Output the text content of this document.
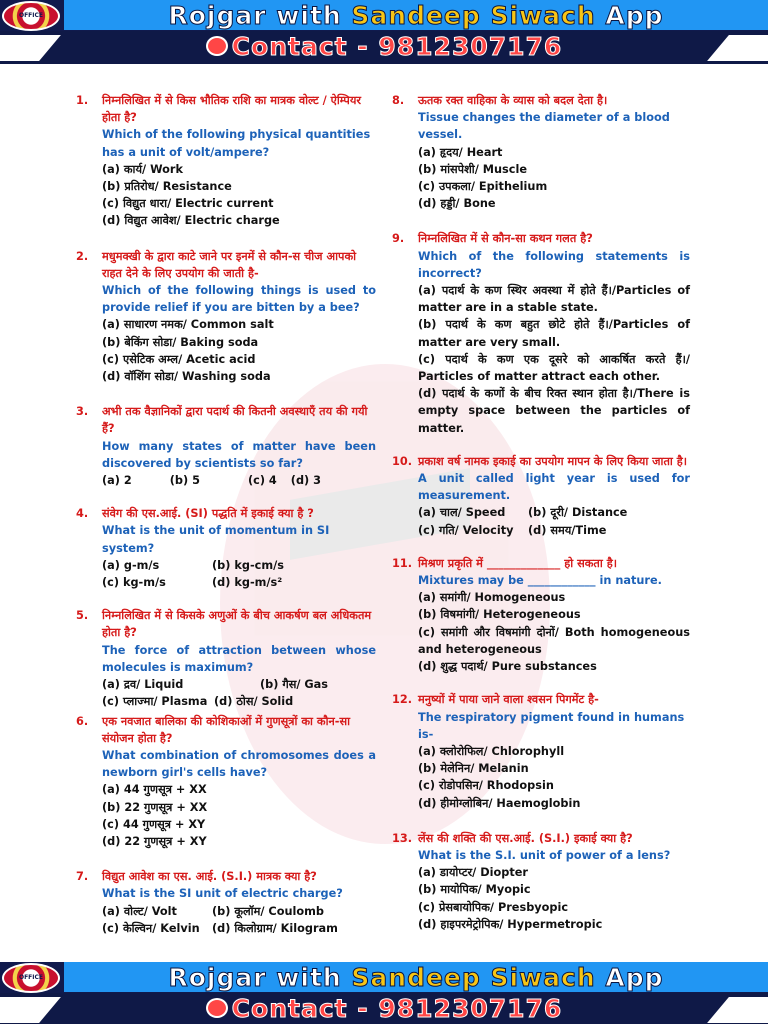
OFFICE	Rojgar with Sandeep Siwach App
Contact - 9812307176
1. निम्नलिखित में से किस भौतिक राशि का मात्रक वोल्ट / ऐम्पियर होता है?
Which of the following physical quantities has a unit of volt/ampere?
(a) कार्य/ Work
(b) प्रतिरोध/ Resistance
(c) विद्युत धारा/ Electric current
(d) विद्युत आवेश/ Electric charge
2. मधुमक्खी के द्वारा काटे जाने पर इनमें से कौन-स चीज आपको राहत देने के लिए उपयोग की जाती है-
Which of the following things is used to provide relief if you are bitten by a bee?
(a) साधारण नमक/ Common salt
(b) बेकिंग सोडा/ Baking soda
(c) एसेटिक अम्ल/ Acetic acid
(d) वॉशिंग सोडा/ Washing soda
3. अभी तक वैज्ञानिकों द्वारा पदार्थ की कितनी अवस्थाएँ तय की गयी हैं?
How many states of matter have been discovered by scientists so far?
(a) 2	(b) 5	(c) 4 (d) 3
4. संवेग की एस.आई. (SI) पद्धति में इकाई क्या है ?
What is the unit of momentum in SI system?
(a) g-m/s	(b) kg-cm/s
(c) kg-m/s	(d) kg-m/s²
5. निम्नलिखित में से किसके अणुओं के बीच आकर्षण बल अधिकतम होता है?
The force of attraction between whose molecules is maximum?
(a) द्रव/ Liquid	(b) गैस/ Gas
(c) प्लाज्मा/ Plasma (d) ठोस/ Solid
6. एक नवजात बालिका की कोशिकाओं में गुणसूत्रों का कौन-सा संयोजन होता है?
What combination of chromosomes does a newborn girl's cells have?
(a) 44 गुणसूत्र + XX
(b) 22 गुणसूत्र + XX
(c) 44 गुणसूत्र + XY
(d) 22 गुणसूत्र + XY
7. विद्युत आवेश का एस. आई. (S.I.) मात्रक क्या है?
What is the SI unit of electric charge?
(a) वोल्ट/ Volt	(b) कूलॉम/ Coulomb
(c) केल्विन/ Kelvin	(d) किलोग्राम/ Kilogram
8. ऊतक रक्त वाहिका के व्यास को बदल देता है।
Tissue changes the diameter of a blood vessel.
(a) हृदय/ Heart
(b) मांसपेशी/ Muscle
(c) उपकला/ Epithelium
(d) हड्डी/ Bone
9. निम्नलिखित में से कौन-सा कथन गलत है?
Which of the following statements is incorrect?
(a) पदार्थ के कण स्थिर अवस्था में होते हैं।/Particles of matter are in a stable state.
(b) पदार्थ के कण बहुत छोटे होते हैं।/Particles of matter are very small.
(c) पदार्थ के कण एक दूसरे को आकर्षित करते हैं।/ Particles of matter attract each other.
(d) पदार्थ के कणों के बीच रिक्त स्थान होता है।/There is empty space between the particles of matter.
10. प्रकाश वर्ष नामक इकाई का उपयोग मापन के लिए किया जाता है।
A unit called light year is used for measurement.
(a) चाल/ Speed	(b) दूरी/ Distance
(c) गति/ Velocity	(d) समय/Time
11. मिश्रण प्रकृति में _____________ हो सकता है।
Mixtures may be ____________ in nature.
(a) समांगी/ Homogeneous
(b) विषमांगी/ Heterogeneous
(c) समांगी और विषमांगी दोनों/ Both homogeneous and heterogeneous
(d) शुद्ध पदार्थ/ Pure substances
12. मनुष्यों में पाया जाने वाला श्वसन पिगमेंट है-
The respiratory pigment found in humans is-
(a) क्लोरोफिल/ Chlorophyll
(b) मेलेनिन/ Melanin
(c) रोडोपसिन/ Rhodopsin
(d) हीमोग्लोबिन/ Haemoglobin
13. लेंस की शक्ति की एस.आई. (S.I.) इकाई क्या है?
What is the S.I. unit of power of a lens?
(a) डायोप्टर/ Diopter
(b) मायोपिक/ Myopic
(c) प्रेसबायोपिक/ Presbyopic
(d) हाइपरमेट्रोपिक/ Hypermetropic
OFFICE	Rojgar with Sandeep Siwach App
Contact - 9812307176
